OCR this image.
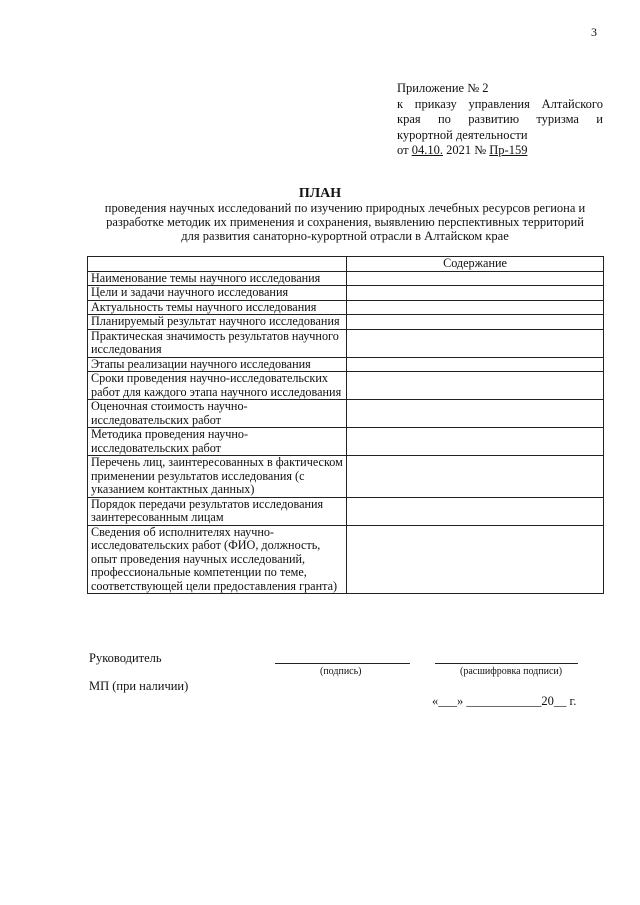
3
Приложение № 2
к приказу управления Алтайского
края по развитию туризма и
курортной деятельности
от 04.10. 2021 № Пр-159
ПЛАН
проведения научных исследований по изучению природных лечебных ресурсов региона и
разработке методик их применения и сохранения, выявлению перспективных территорий
для развития санаторно-курортной отрасли в Алтайском крае
	Содержание
Наименование темы научного исследования	
Цели и задачи научного исследования	
Актуальность темы научного исследования	
Планируемый результат научного исследования	
Практическая значимость результатов научного исследования	
Этапы реализации научного исследования	
Сроки проведения научно-исследовательских работ для каждого этапа научного исследования	
Оценочная стоимость научно-исследовательских работ	
Методика проведения научно-исследовательских работ	
Перечень лиц, заинтересованных в фактическом применении результатов исследования (с указанием контактных данных)	
Порядок передачи результатов исследования заинтересованным лицам	
Сведения об исполнителях научно-исследовательских работ (ФИО, должность, опыт проведения научных исследований, профессиональные компетенции по теме, соответствующей цели предоставления гранта)	
Руководитель
(подпись)	(расшифровка подписи)
МП (при наличии)
«___» ____________20__ г.
